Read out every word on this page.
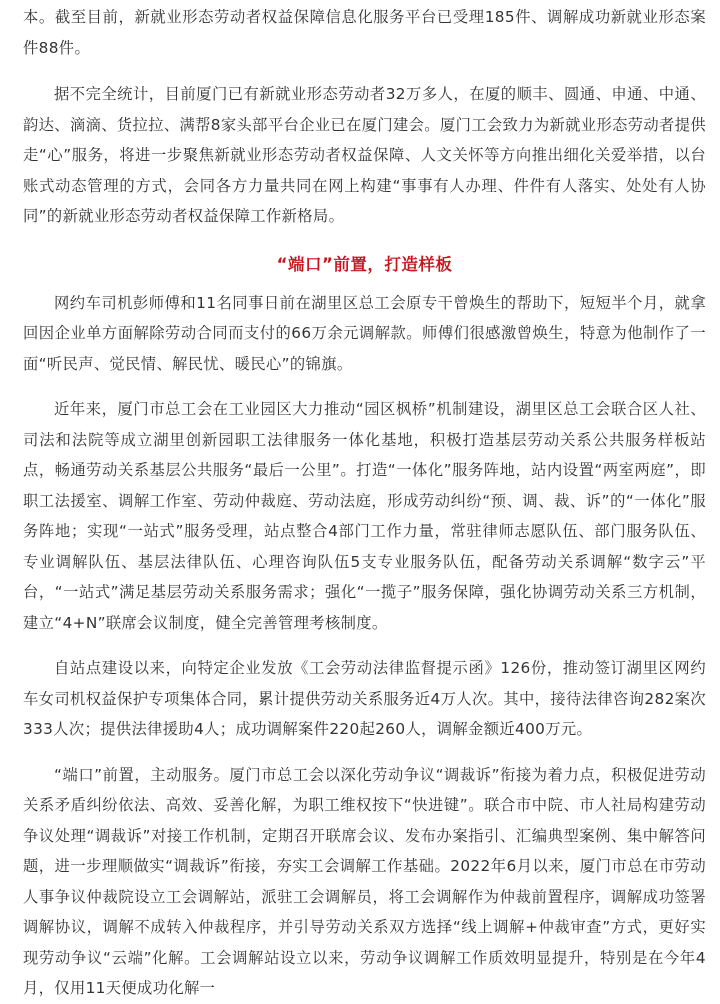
本。截至目前，新就业形态劳动者权益保障信息化服务平台已受理185件、调解成功新就业形态案件88件。

据不完全统计，目前厦门已有新就业形态劳动者32万多人，在厦的顺丰、圆通、申通、中通、韵达、滴滴、货拉拉、满帮8家头部平台企业已在厦门建会。厦门工会致力为新就业形态劳动者提供走“心”服务，将进一步聚焦新就业形态劳动者权益保障、人文关怀等方向推出细化关爱举措，以台账式动态管理的方式，会同各方力量共同在网上构建“事事有人办理、件件有人落实、处处有人协同”的新就业形态劳动者权益保障工作新格局。

“端口”前置，打造样板

网约车司机彭师傅和11名同事日前在湖里区总工会原专干曾焕生的帮助下，短短半个月，就拿回因企业单方面解除劳动合同而支付的66万余元调解款。师傅们很感激曾焕生，特意为他制作了一面“听民声、觉民情、解民忧、暖民心”的锦旗。

近年来，厦门市总工会在工业园区大力推动“园区枫桥”机制建设，湖里区总工会联合区人社、司法和法院等成立湖里创新园职工法律服务一体化基地，积极打造基层劳动关系公共服务样板站点，畅通劳动关系基层公共服务“最后一公里”。打造“一体化”服务阵地，站内设置“两室两庭”，即职工法援室、调解工作室、劳动仲裁庭、劳动法庭，形成劳动纠纷“预、调、裁、诉”的“一体化”服务阵地；实现“一站式”服务受理，站点整合4部门工作力量，常驻律师志愿队伍、部门服务队伍、专业调解队伍、基层法律队伍、心理咨询队伍5支专业服务队伍，配备劳动关系调解“数字云”平台，“一站式”满足基层劳动关系服务需求；强化“一揽子”服务保障，强化协调劳动关系三方机制，建立“4+N”联席会议制度，健全完善管理考核制度。

自站点建设以来，向特定企业发放《工会劳动法律监督提示函》126份，推动签订湖里区网约车女司机权益保护专项集体合同，累计提供劳动关系服务近4万人次。其中，接待法律咨询282案次333人次；提供法律援助4人；成功调解案件220起260人，调解金额近400万元。

“端口”前置，主动服务。厦门市总工会以深化劳动争议“调裁诉”衔接为着力点，积极促进劳动关系矛盾纠纷依法、高效、妥善化解，为职工维权按下“快进键”。联合市中院、市人社局构建劳动争议处理“调裁诉”对接工作机制，定期召开联席会议、发布办案指引、汇编典型案例、集中解答问题，进一步理顺做实“调裁诉”衔接，夯实工会调解工作基础。2022年6月以来，厦门市总在市劳动人事争议仲裁院设立工会调解站，派驻工会调解员，将工会调解作为仲裁前置程序，调解成功签署调解协议，调解不成转入仲裁程序，并引导劳动关系双方选择“线上调解+仲裁审查”方式，更好实现劳动争议“云端”化解。工会调解站设立以来，劳动争议调解工作质效明显提升，特别是在今年4月，仅用11天便成功化解一
